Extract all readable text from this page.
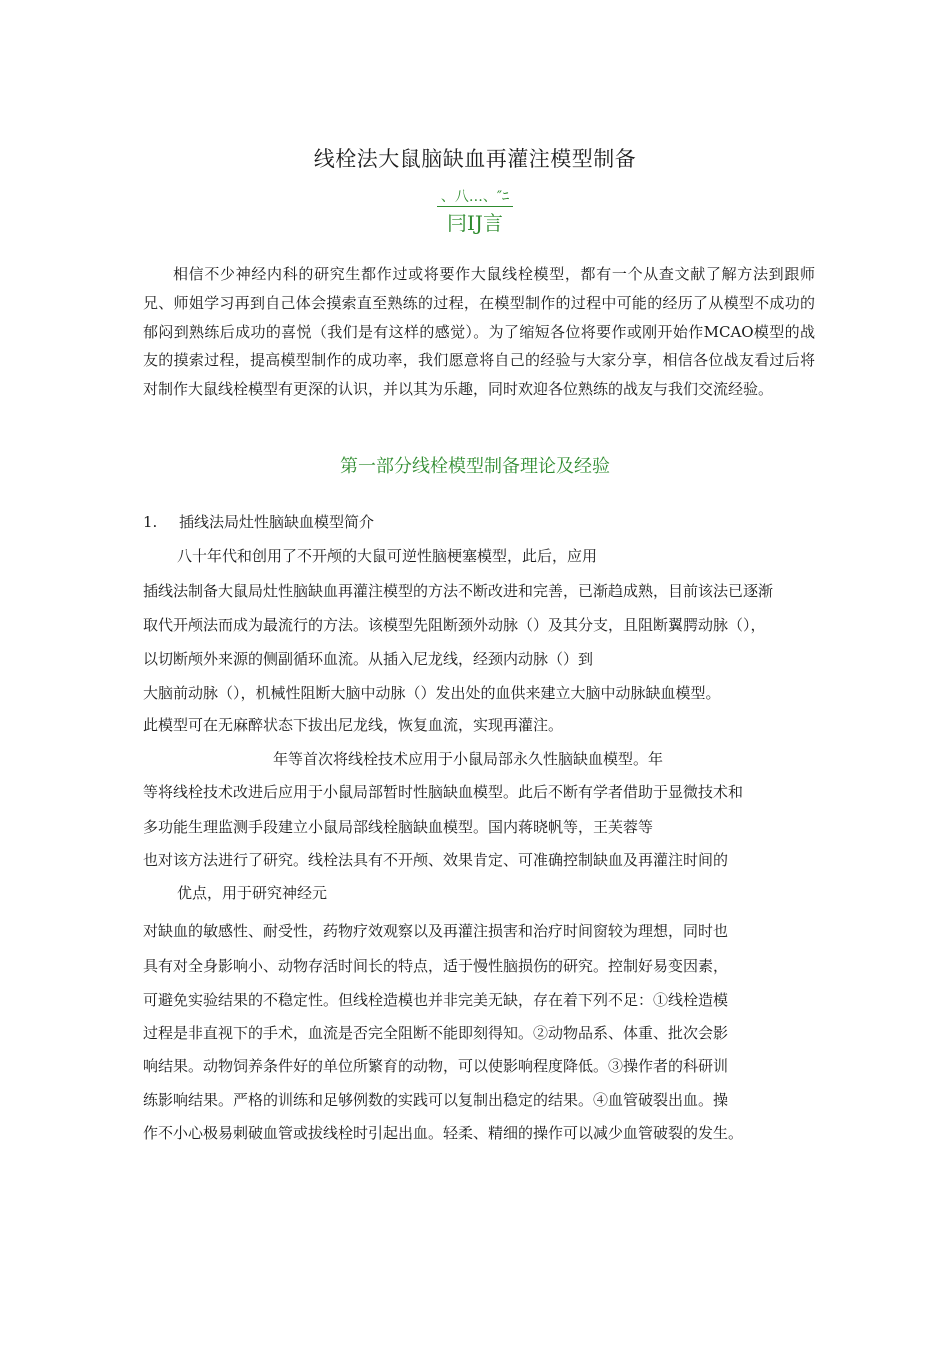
线栓法大鼠脑缺血再灌注模型制备
、八…、″ﾆ
冃IJ言

相信不少神经内科的研究生都作过或将要作大鼠线栓模型，都有一个从查文献了解方法到跟师兄、师姐学习再到自己体会摸索直至熟练的过程，在模型制作的过程中可能的经历了从模型不成功的郁闷到熟练后成功的喜悦（我们是有这样的感觉）。为了缩短各位将要作或刚开始作MCAO模型的战友的摸索过程，提高模型制作的成功率，我们愿意将自己的经验与大家分享，相信各位战友看过后将对制作大鼠线栓模型有更深的认识，并以其为乐趣，同时欢迎各位熟练的战友与我们交流经验。

第一部分线栓模型制备理论及经验
1. 插线法局灶性脑缺血模型简介
八十年代和创用了不开颅的大鼠可逆性脑梗塞模型，此后，应用
插线法制备大鼠局灶性脑缺血再灌注模型的方法不断改进和完善，已渐趋成熟，目前该法已逐渐
取代开颅法而成为最流行的方法。该模型先阻断颈外动脉（）及其分支，且阻断翼腭动脉（），
以切断颅外来源的侧副循环血流。从插入尼龙线，经颈内动脉（）到
大脑前动脉（），机械性阻断大脑中动脉（）发出处的血供来建立大脑中动脉缺血模型。
此模型可在无麻醉状态下拔出尼龙线，恢复血流，实现再灌注。
年等首次将线栓技术应用于小鼠局部永久性脑缺血模型。年
等将线栓技术改进后应用于小鼠局部暂时性脑缺血模型。此后不断有学者借助于显微技术和
多功能生理监测手段建立小鼠局部线栓脑缺血模型。国内蒋晓帆等，王芙蓉等
也对该方法进行了研究。线栓法具有不开颅、效果肯定、可准确控制缺血及再灌注时间的
优点，用于研究神经元
对缺血的敏感性、耐受性，药物疗效观察以及再灌注损害和治疗时间窗较为理想，同时也
具有对全身影响小、动物存活时间长的特点，适于慢性脑损伤的研究。控制好易变因素，
可避免实验结果的不稳定性。但线栓造模也并非完美无缺，存在着下列不足：①线栓造模
过程是非直视下的手术，血流是否完全阻断不能即刻得知。②动物品系、体重、批次会影
响结果。动物饲养条件好的单位所繁育的动物，可以使影响程度降低。③操作者的科研训
练影响结果。严格的训练和足够例数的实践可以复制出稳定的结果。④血管破裂出血。操
作不小心极易刺破血管或拔线栓时引起出血。轻柔、精细的操作可以减少血管破裂的发生。
